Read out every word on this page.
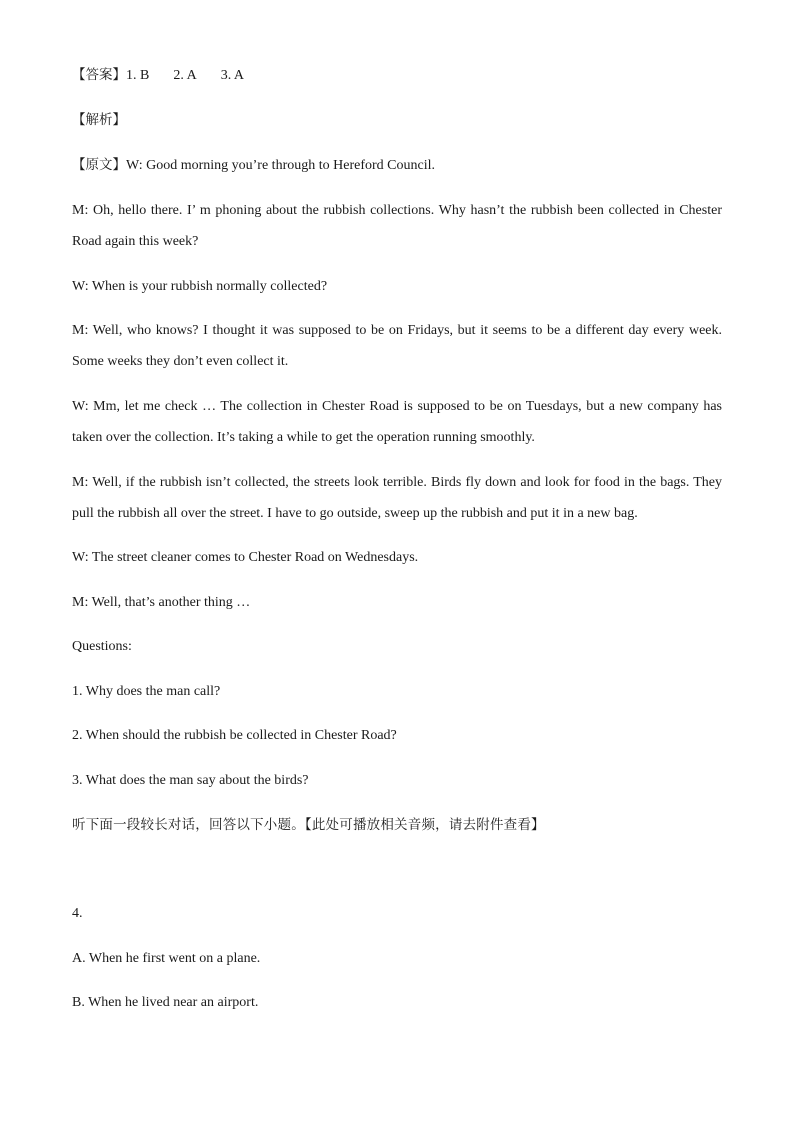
【答案】1. B 2. A 3. A
【解析】
【原文】W: Good morning you’re through to Hereford Council.
M: Oh, hello there. I’ m phoning about the rubbish collections. Why hasn’t the rubbish been collected in Chester Road again this week?
W: When is your rubbish normally collected?
M: Well, who knows? I thought it was supposed to be on Fridays, but it seems to be a different day every week. Some weeks they don’t even collect it.
W: Mm, let me check … The collection in Chester Road is supposed to be on Tuesdays, but a new company has taken over the collection. It’s taking a while to get the operation running smoothly.
M: Well, if the rubbish isn’t collected, the streets look terrible. Birds fly down and look for food in the bags. They pull the rubbish all over the street. I have to go outside, sweep up the rubbish and put it in a new bag.
W: The street cleaner comes to Chester Road on Wednesdays.
M: Well, that’s another thing …
Questions:
1. Why does the man call?
2. When should the rubbish be collected in Chester Road?
3. What does the man say about the birds?
听下面一段较长对话，回答以下小题。【此处可播放相关音频，请去附件查看】
4.
A. When he first went on a plane.
B. When he lived near an airport.
